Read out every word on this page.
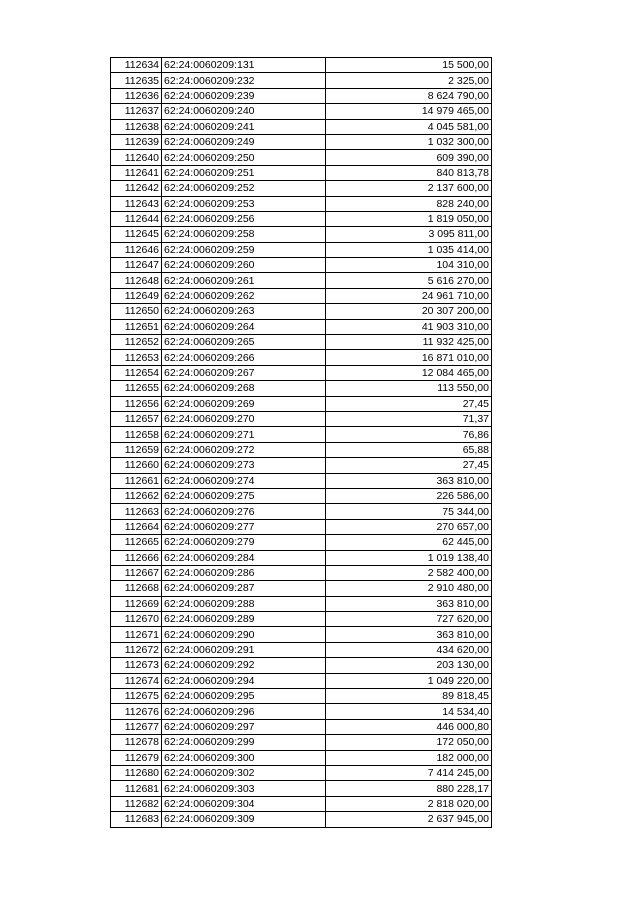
112634	62:24:0060209:131	15 500,00
112635	62:24:0060209:232	2 325,00
112636	62:24:0060209:239	8 624 790,00
112637	62:24:0060209:240	14 979 465,00
112638	62:24:0060209:241	4 045 581,00
112639	62:24:0060209:249	1 032 300,00
112640	62:24:0060209:250	609 390,00
112641	62:24:0060209:251	840 813,78
112642	62:24:0060209:252	2 137 600,00
112643	62:24:0060209:253	828 240,00
112644	62:24:0060209:256	1 819 050,00
112645	62:24:0060209:258	3 095 811,00
112646	62:24:0060209:259	1 035 414,00
112647	62:24:0060209:260	104 310,00
112648	62:24:0060209:261	5 616 270,00
112649	62:24:0060209:262	24 961 710,00
112650	62:24:0060209:263	20 307 200,00
112651	62:24:0060209:264	41 903 310,00
112652	62:24:0060209:265	11 932 425,00
112653	62:24:0060209:266	16 871 010,00
112654	62:24:0060209:267	12 084 465,00
112655	62:24:0060209:268	113 550,00
112656	62:24:0060209:269	27,45
112657	62:24:0060209:270	71,37
112658	62:24:0060209:271	76,86
112659	62:24:0060209:272	65,88
112660	62:24:0060209:273	27,45
112661	62:24:0060209:274	363 810,00
112662	62:24:0060209:275	226 586,00
112663	62:24:0060209:276	75 344,00
112664	62:24:0060209:277	270 657,00
112665	62:24:0060209:279	62 445,00
112666	62:24:0060209:284	1 019 138,40
112667	62:24:0060209:286	2 582 400,00
112668	62:24:0060209:287	2 910 480,00
112669	62:24:0060209:288	363 810,00
112670	62:24:0060209:289	727 620,00
112671	62:24:0060209:290	363 810,00
112672	62:24:0060209:291	434 620,00
112673	62:24:0060209:292	203 130,00
112674	62:24:0060209:294	1 049 220,00
112675	62:24:0060209:295	89 818,45
112676	62:24:0060209:296	14 534,40
112677	62:24:0060209:297	446 000,80
112678	62:24:0060209:299	172 050,00
112679	62:24:0060209:300	182 000,00
112680	62:24:0060209:302	7 414 245,00
112681	62:24:0060209:303	880 228,17
112682	62:24:0060209:304	2 818 020,00
112683	62:24:0060209:309	2 637 945,00
